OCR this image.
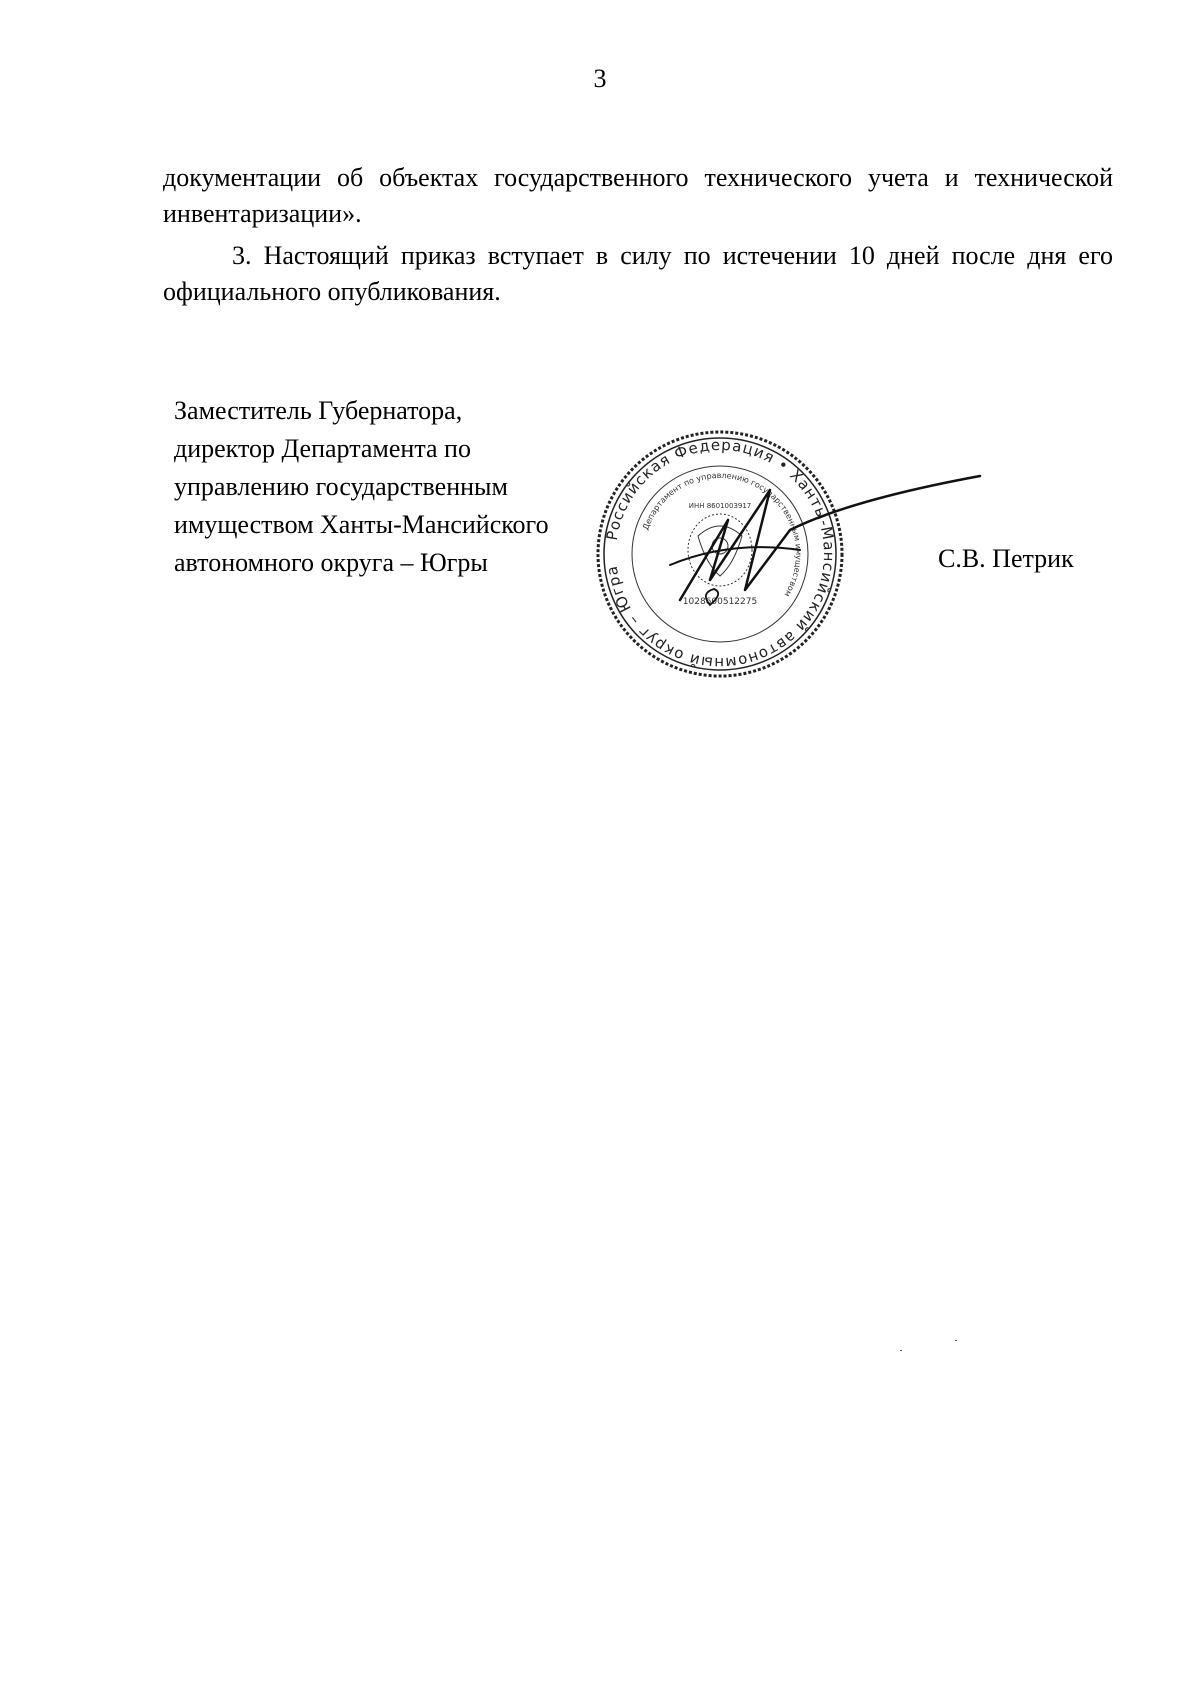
3

документации об объектах государственного технического учета и технической инвентаризации».

3. Настоящий приказ вступает в силу по истечении 10 дней после дня его официального опубликования.

Заместитель Губернатора,
директор Департамента по
управлению государственным
имуществом Ханты-Мансийского
автономного округа – Югры
Российская Федерация • Ханты-Мансийский автономный округ – Югра
Департамент по управлению государственным имуществом
1028600512275
ИНН 8601003917
С.В. Петрик
